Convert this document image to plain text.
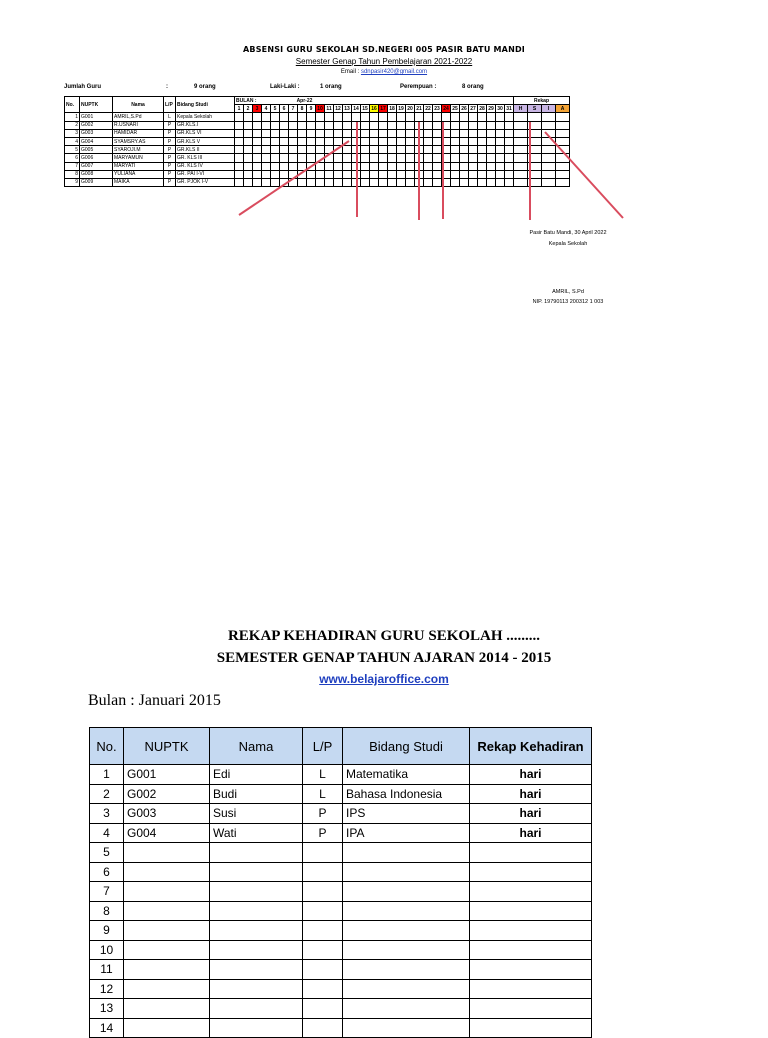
ABSENSI GURU SEKOLAH SD.NEGERI 005 PASIR BATU MANDI
Semester Genap Tahun Pembelajaran 2021-2022
Email : sdnpasir420@gmail.com
Jumlah Guru	:	9 orang	Laki-Laki :	1 orang	Perempuan :	8 orang
No.	NUPTK	Nama	L/P	Bidang Studi	BULAN : Apr-22																															Rekap			
					1	2	3	4	5	6	7	8	9	10	11	12	13	14	15	16	17	18	19	20	21	22	23	24	25	26	27	28	29	30	31	H	S	I	A
1	G001	AMRIL,S.Pd	L	Kepala Sekolah																																			
2	G002	R.USNARI	P	GR.KLS.I																																			
3	G003	HAMIDAR	P	GR.KLS VI																																			
4	G004	SYAMSRY.AS	P	GR.KLS V																																			
5	G005	SYAROJI.M	P	GR.KLS II																																			
6	G006	MARYAMUN	P	GR. KLS III																																			
7	G007	MARYATI	P	GR. KLS IV																																			
8	G008	YULIANA	P	GR. PAI I-VI																																			
9	G009	MAIKA	P	GR. PJOK I-V																																			
Pasir Batu Mandi, 30 April 2022
Kepala Sekolah
AMRIL, S.Pd
NIP. 19790113 200312 1 003
REKAP KEHADIRAN GURU SEKOLAH .........
SEMESTER GENAP TAHUN AJARAN 2014 - 2015
www.belajaroffice.com
Bulan : Januari 2015
No.	NUPTK	Nama	L/P	Bidang Studi	Rekap Kehadiran
1	G001	Edi	L	Matematika	hari
2	G002	Budi	L	Bahasa Indonesia	hari
3	G003	Susi	P	IPS	hari
4	G004	Wati	P	IPA	hari
5					
6					
7					
8					
9					
10					
11					
12					
13					
14					
